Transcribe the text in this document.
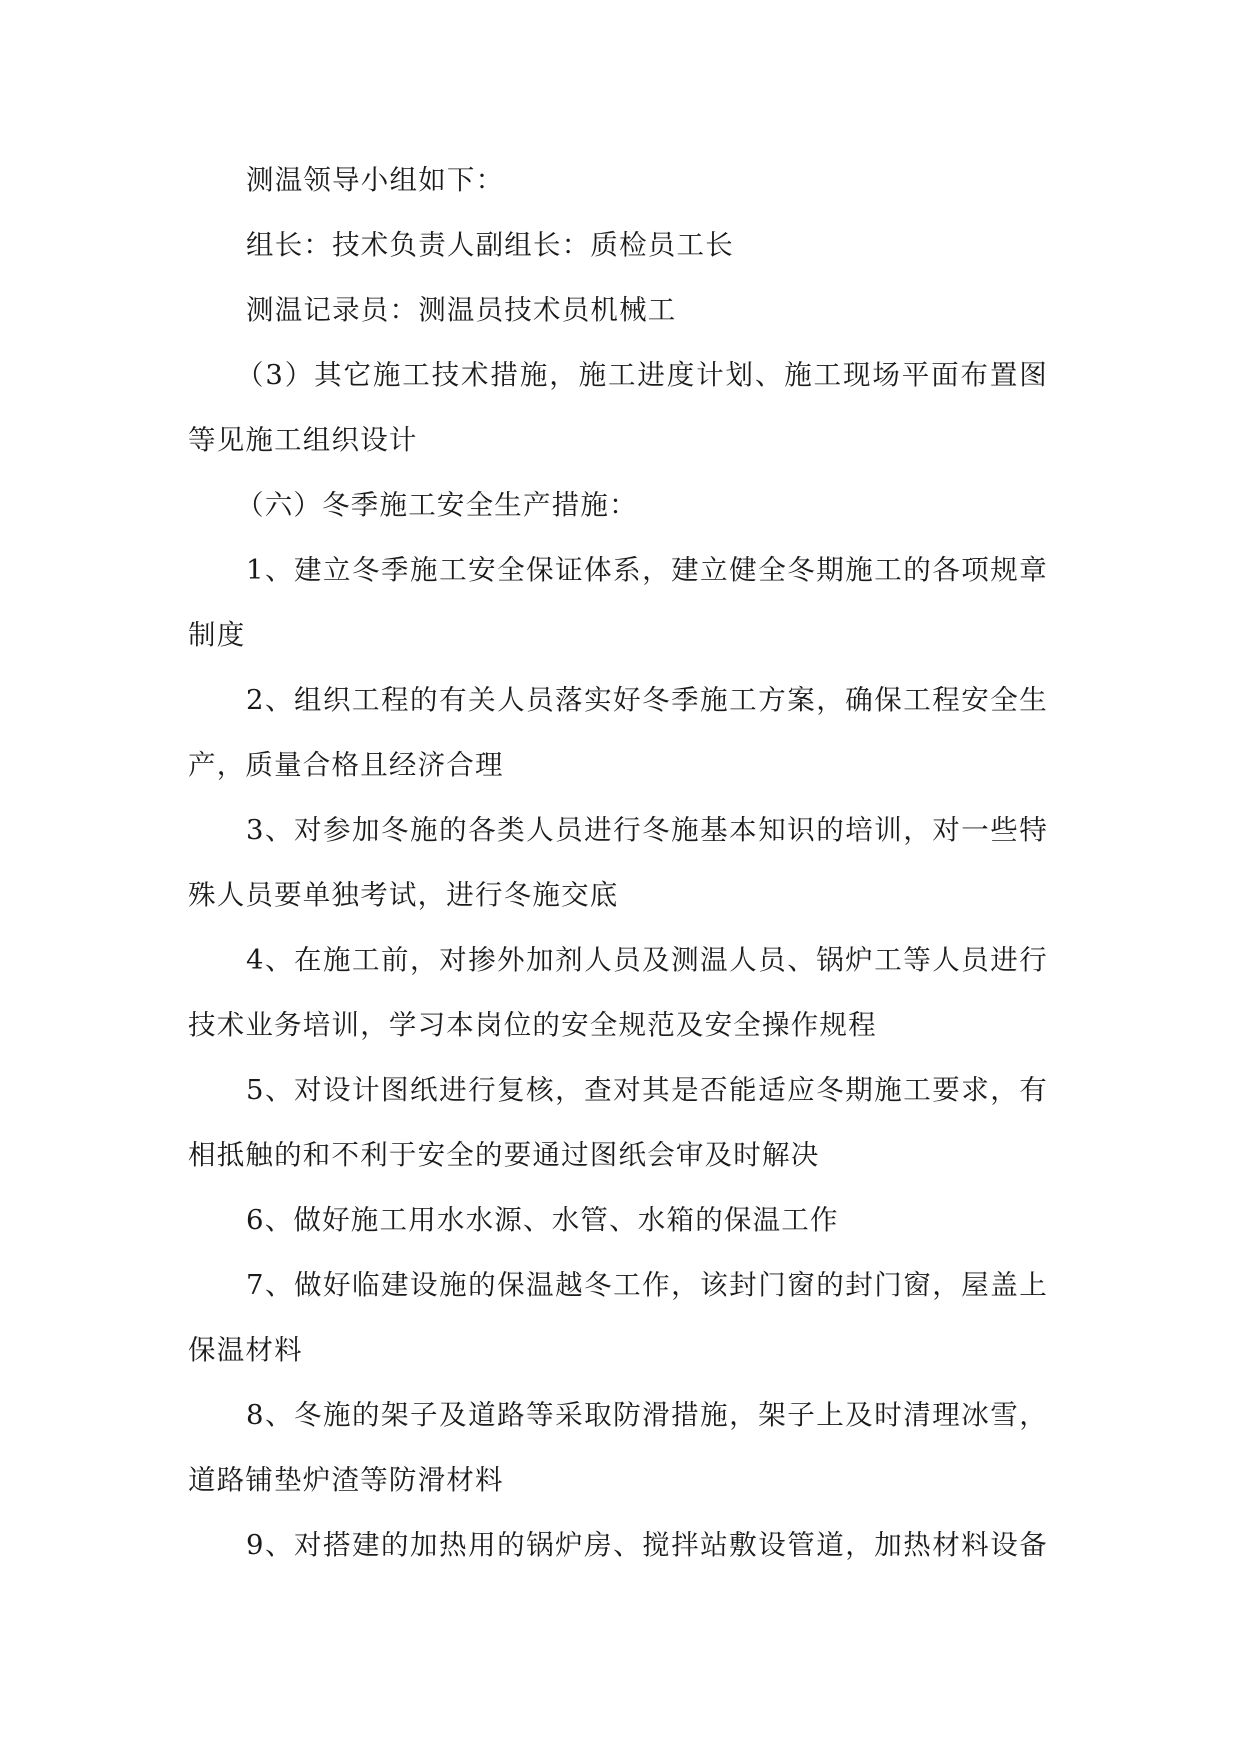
测温领导小组如下：
组长：技术负责人副组长：质检员工长
测温记录员：测温员技术员机械工
（3）其它施工技术措施，施工进度计划、施工现场平面布置图
等见施工组织设计
（六）冬季施工安全生产措施：
1、建立冬季施工安全保证体系，建立健全冬期施工的各项规章
制度
2、组织工程的有关人员落实好冬季施工方案，确保工程安全生
产，质量合格且经济合理
3、对参加冬施的各类人员进行冬施基本知识的培训，对一些特
殊人员要单独考试，进行冬施交底
4、在施工前，对掺外加剂人员及测温人员、锅炉工等人员进行
技术业务培训，学习本岗位的安全规范及安全操作规程
5、对设计图纸进行复核，查对其是否能适应冬期施工要求，有
相抵触的和不利于安全的要通过图纸会审及时解决
6、做好施工用水水源、水管、水箱的保温工作
7、做好临建设施的保温越冬工作，该封门窗的封门窗，屋盖上
保温材料
8、冬施的架子及道路等采取防滑措施，架子上及时清理冰雪，
道路铺垫炉渣等防滑材料
9、对搭建的加热用的锅炉房、搅拌站敷设管道，加热材料设备
